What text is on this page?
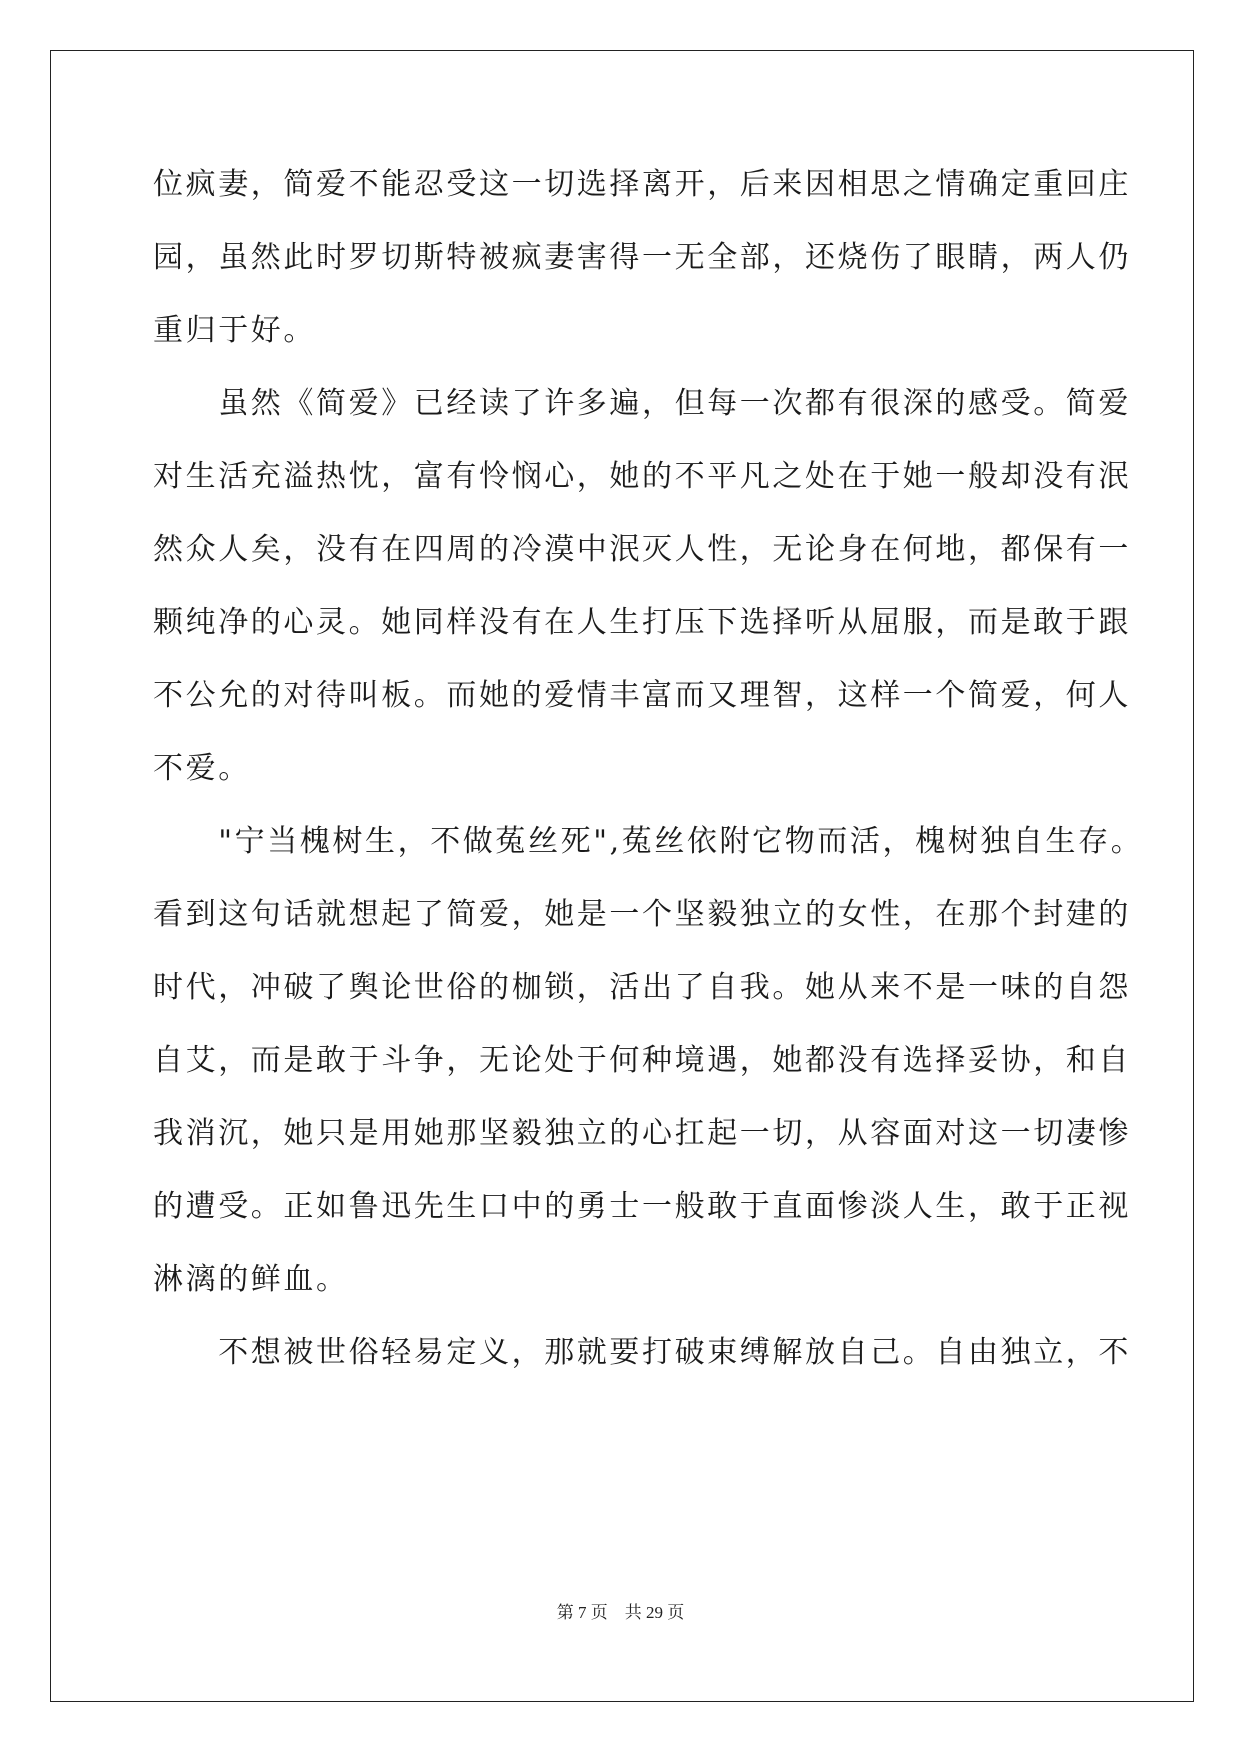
位疯妻，简爱不能忍受这一切选择离开，后来因相思之情确定重回庄
园，虽然此时罗切斯特被疯妻害得一无全部，还烧伤了眼睛，两人仍
重归于好。
　　虽然《简爱》已经读了许多遍，但每一次都有很深的感受。简爱
对生活充溢热忱，富有怜悯心，她的不平凡之处在于她一般却没有泯
然众人矣，没有在四周的冷漠中泯灭人性，无论身在何地，都保有一
颗纯净的心灵。她同样没有在人生打压下选择听从屈服，而是敢于跟
不公允的对待叫板。而她的爱情丰富而又理智，这样一个简爱，何人
不爱。
　　"宁当槐树生，不做菟丝死",菟丝依附它物而活，槐树独自生存。
看到这句话就想起了简爱，她是一个坚毅独立的女性，在那个封建的
时代，冲破了舆论世俗的枷锁，活出了自我。她从来不是一味的自怨
自艾，而是敢于斗争，无论处于何种境遇，她都没有选择妥协，和自
我消沉，她只是用她那坚毅独立的心扛起一切，从容面对这一切凄惨
的遭受。正如鲁迅先生口中的勇士一般敢于直面惨淡人生，敢于正视
淋漓的鲜血。
　　不想被世俗轻易定义，那就要打破束缚解放自己。自由独立，不
第 7 页 共 29 页
